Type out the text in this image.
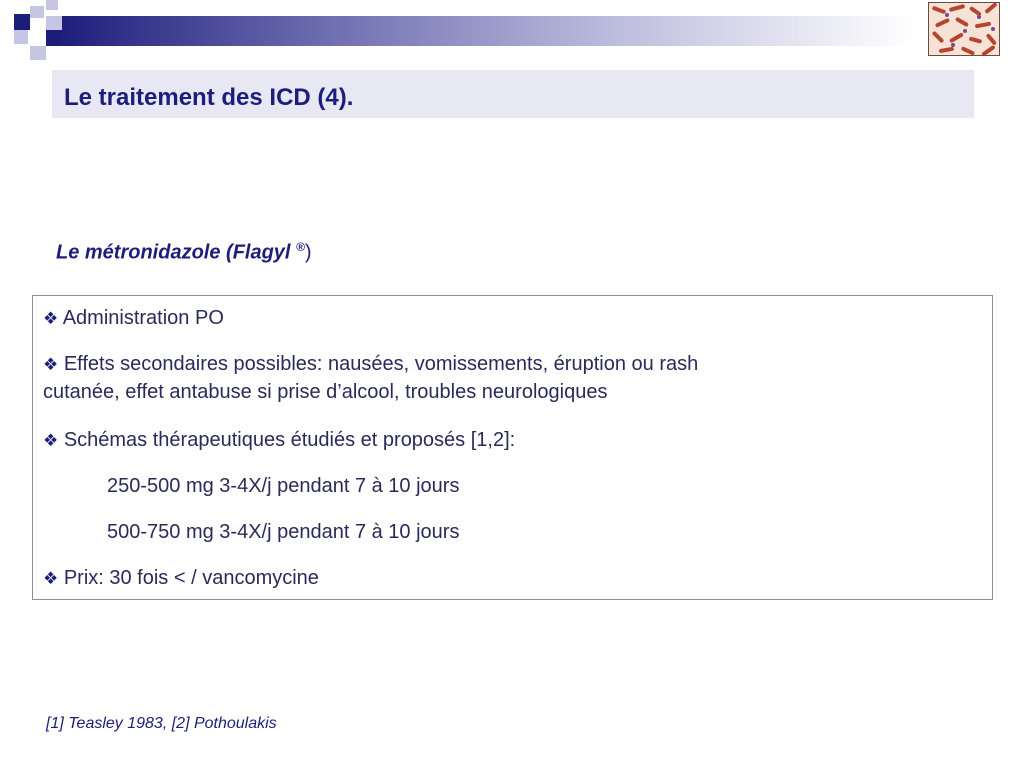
Le traitement des ICD (4).
Le métronidazole (Flagyl ®)
❖ Administration PO
❖ Effets secondaires possibles: nausées, vomissements, éruption ou rash
cutanée, effet antabuse si prise d’alcool, troubles neurologiques
❖ Schémas thérapeutiques étudiés et proposés [1,2]:
250-500 mg 3-4X/j pendant 7 à 10 jours
500-750 mg 3-4X/j pendant 7 à 10 jours
❖ Prix: 30 fois < / vancomycine
[1] Teasley 1983, [2] Pothoulakis
